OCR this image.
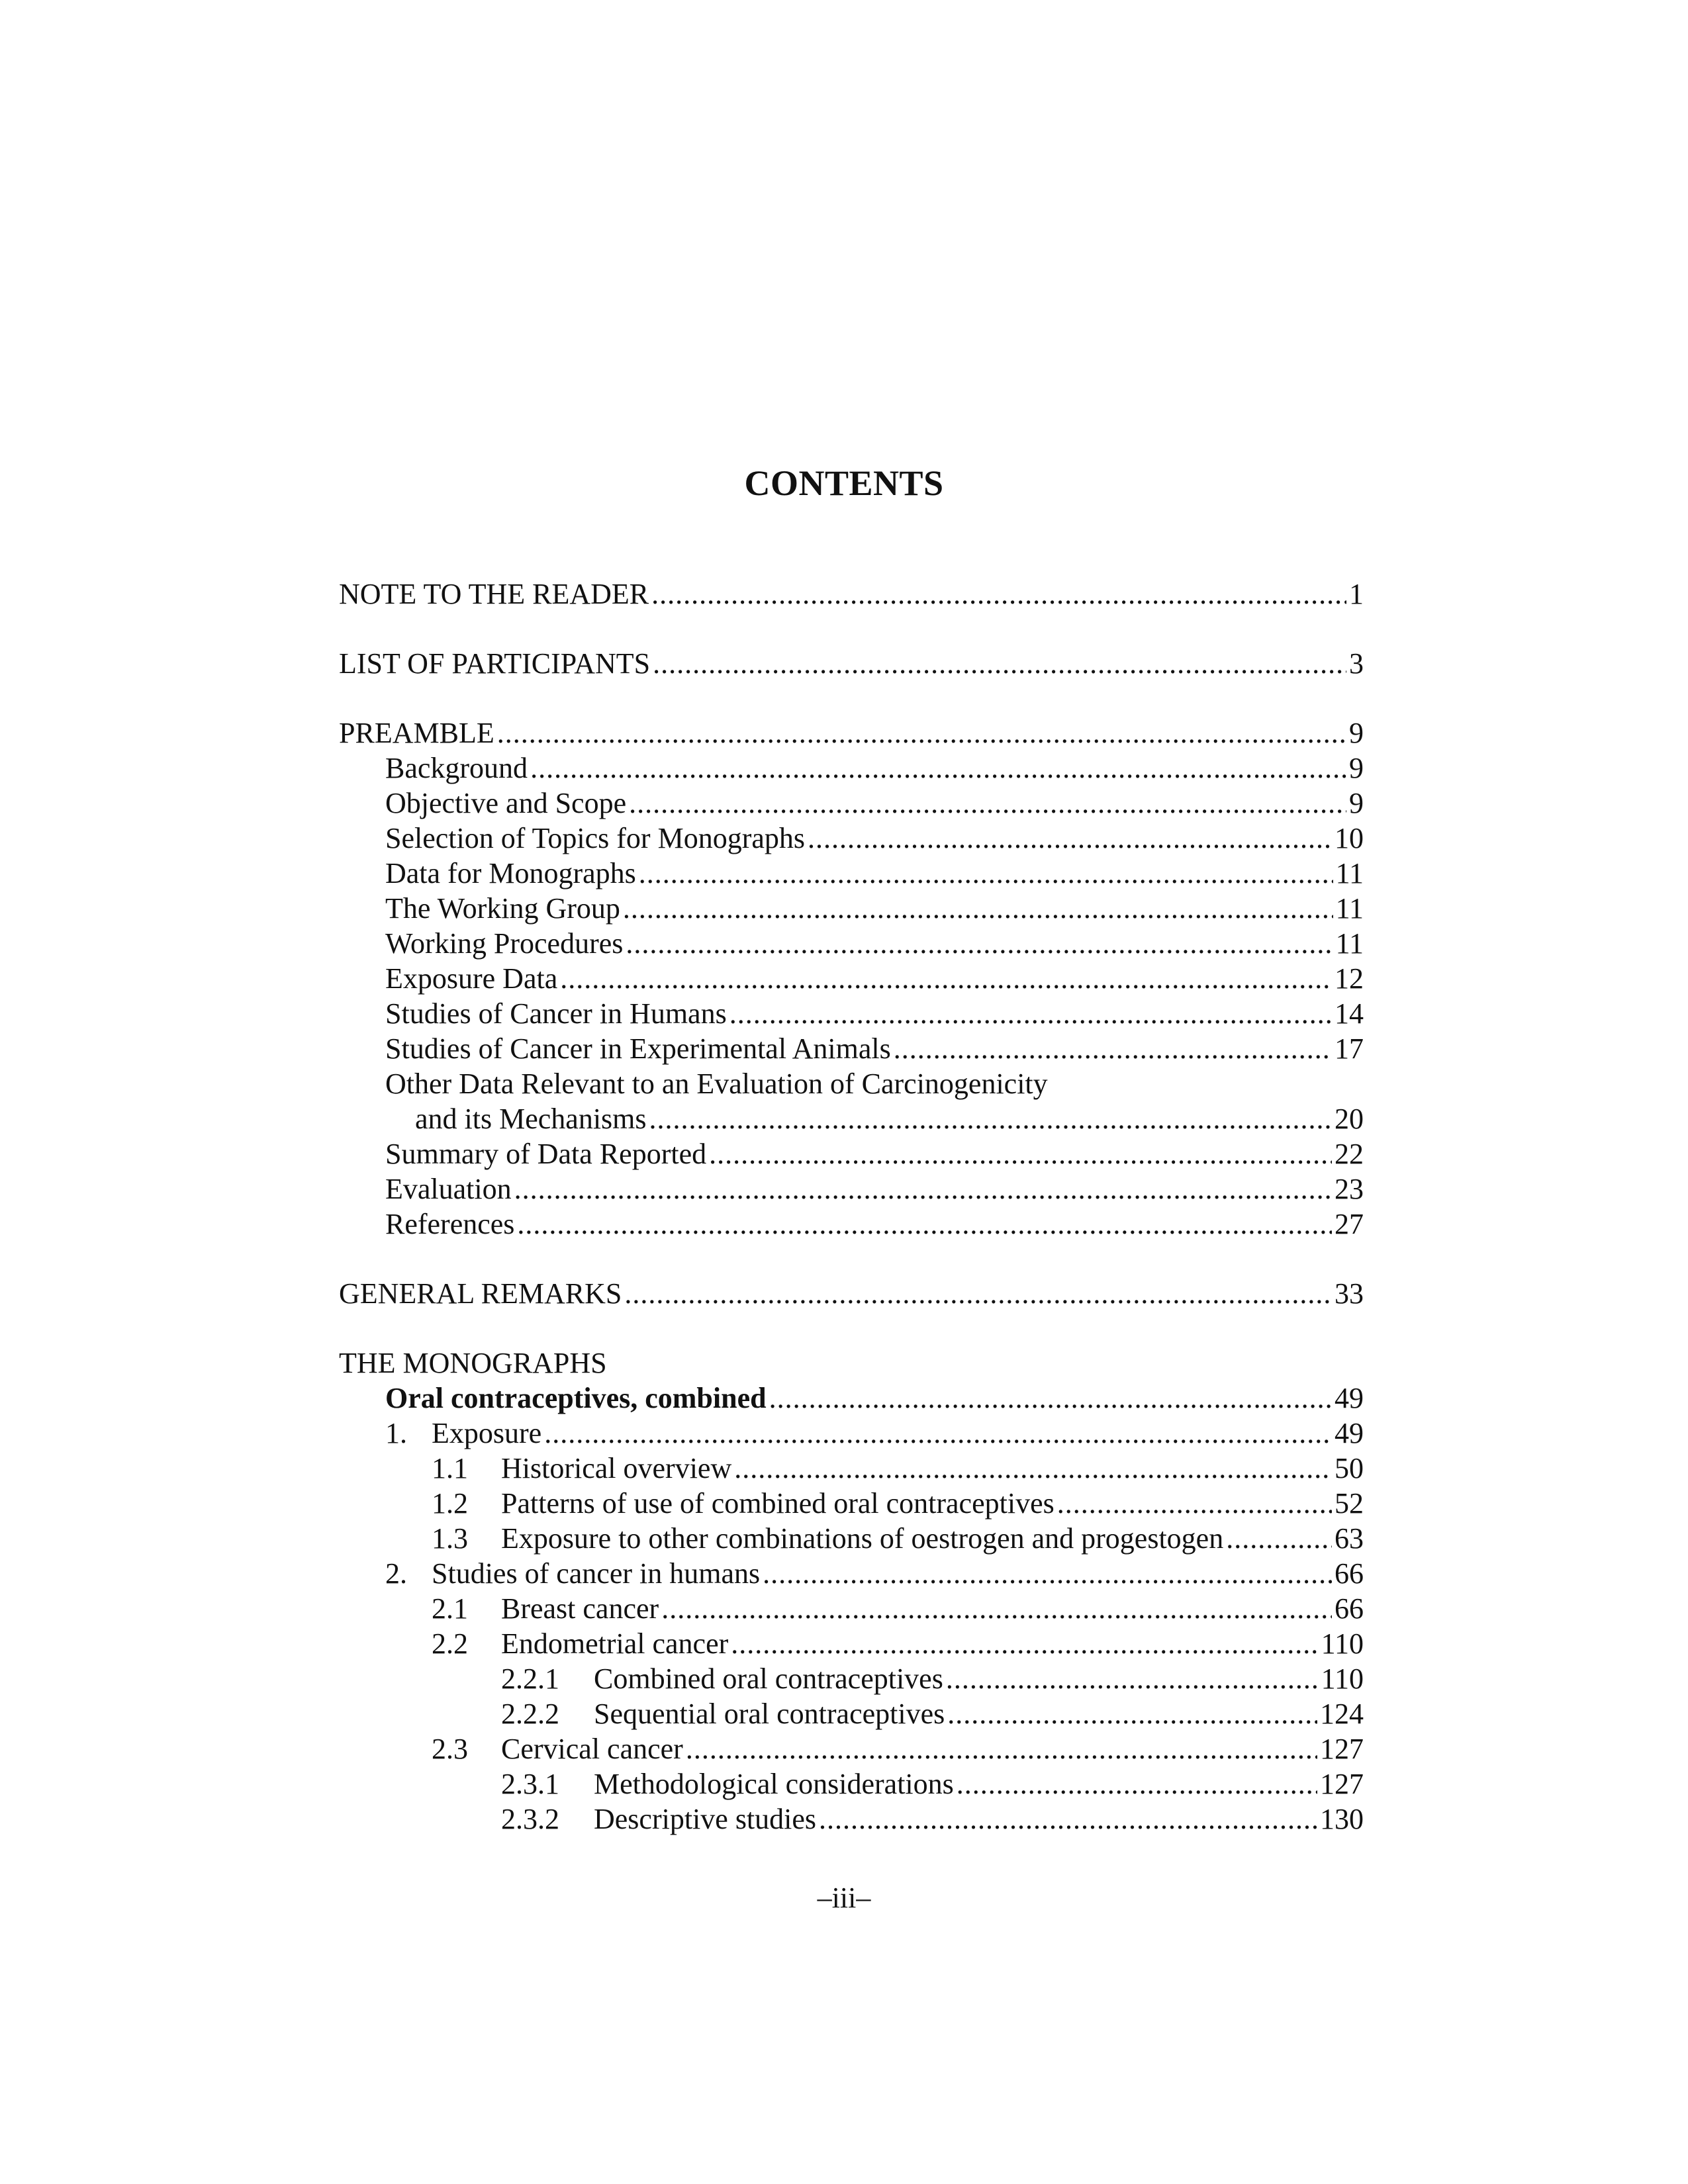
CONTENTS
NOTE TO THE READER .....	1
LIST OF PARTICIPANTS .....	3
PREAMBLE .....	9
Background .....	9
Objective and Scope .....	9
Selection of Topics for Monographs .....	10
Data for Monographs .....	11
The Working Group .....	11
Working Procedures .....	11
Exposure Data .....	12
Studies of Cancer in Humans .....	14
Studies of Cancer in Experimental Animals .....	17
Other Data Relevant to an Evaluation of Carcinogenicity
and its Mechanisms .....	20
Summary of Data Reported .....	22
Evaluation .....	23
References .....	27
GENERAL REMARKS .....	33
THE MONOGRAPHS
Oral contraceptives, combined .....	49
1. Exposure .....	49
1.1	Historical overview .....	50
1.2	Patterns of use of combined oral contraceptives .....	52
1.3	Exposure to other combinations of oestrogen and progestogen .....	63
2. Studies of cancer in humans .....	66
2.1	Breast cancer .....	66
2.2	Endometrial cancer .....	110
2.2.1	Combined oral contraceptives .....	110
2.2.2	Sequential oral contraceptives .....	124
2.3	Cervical cancer .....	127
2.3.1	Methodological considerations .....	127
2.3.2	Descriptive studies .....	130
–iii–
